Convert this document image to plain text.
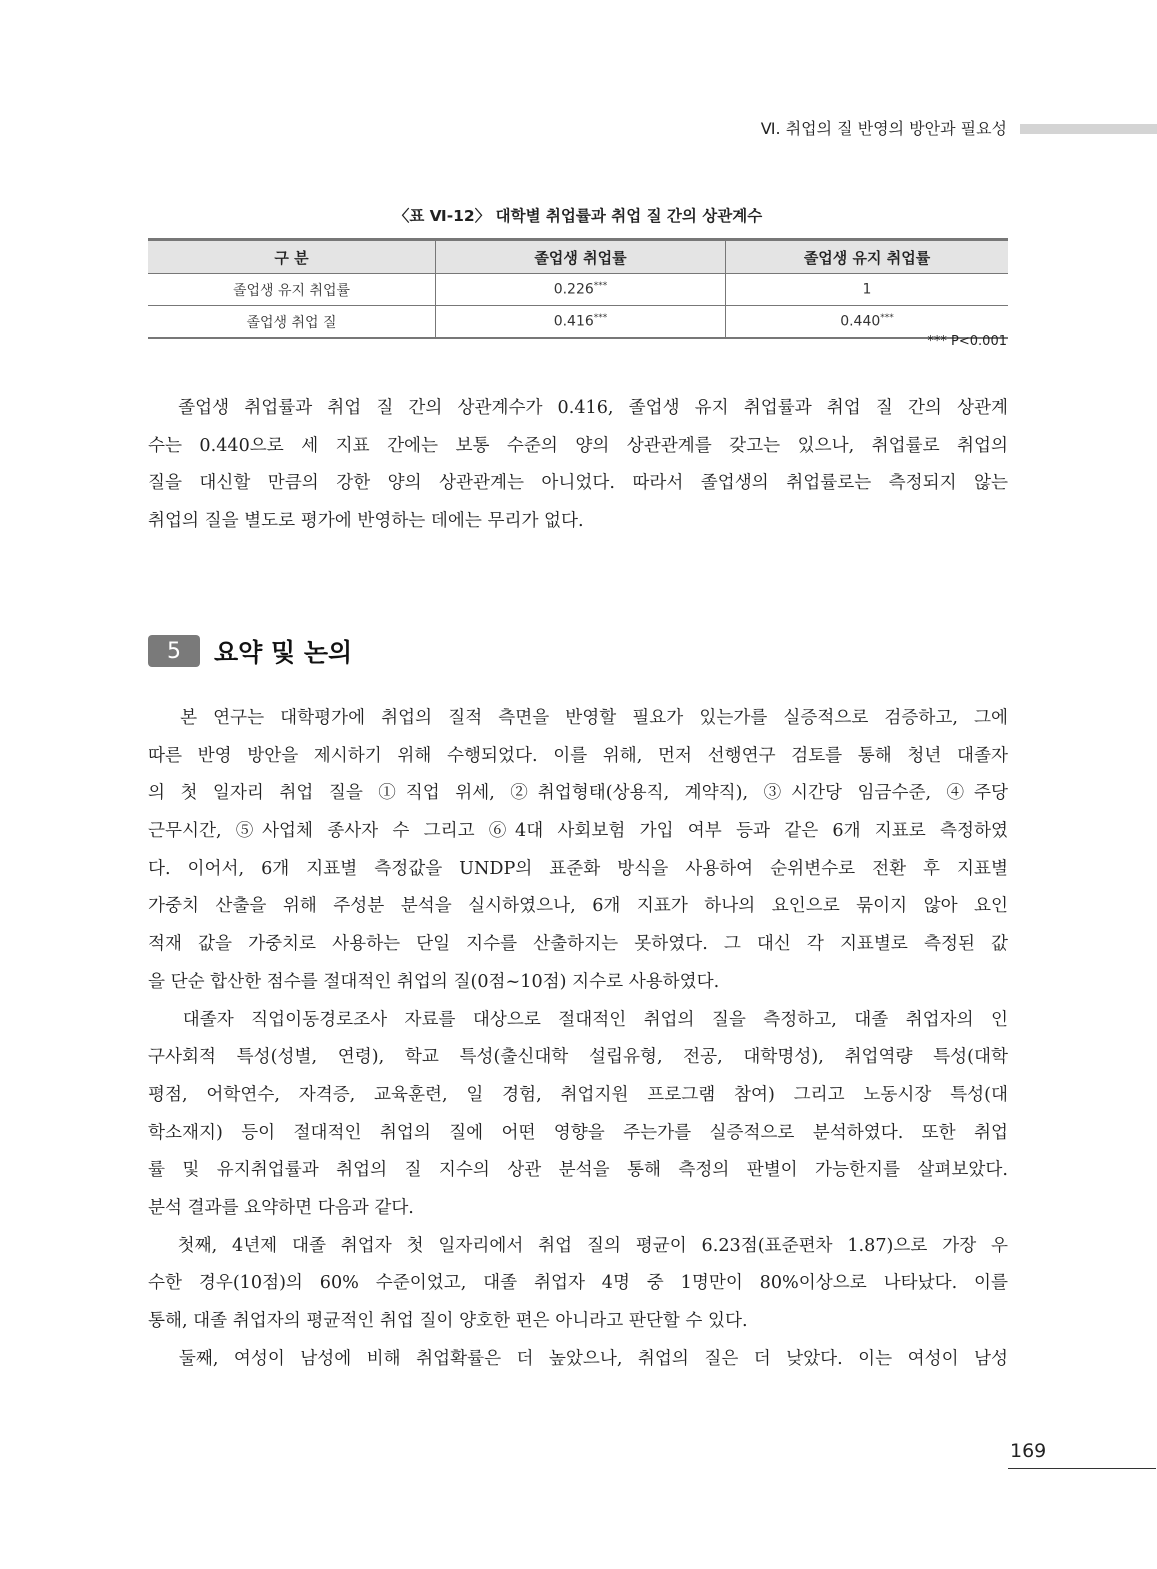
Ⅵ. 취업의 질 반영의 방안과 필요성
〈표 Ⅵ-12〉 대학별 취업률과 취업 질 간의 상관계수
구 분	졸업생 취업률	졸업생 유지 취업률
졸업생 유지 취업률	0.226***	1
졸업생 취업 질	0.416***	0.440***
*** P<0.001
졸업생 취업률과 취업 질 간의 상관계수가 0.416, 졸업생 유지 취업률과 취업 질 간의 상관계
수는 0.440으로 세 지표 간에는 보통 수준의 양의 상관관계를 갖고는 있으나, 취업률로 취업의
질을 대신할 만큼의 강한 양의 상관관계는 아니었다. 따라서 졸업생의 취업률로는 측정되지 않는
취업의 질을 별도로 평가에 반영하는 데에는 무리가 없다.
5	요약 및 논의
본 연구는 대학평가에 취업의 질적 측면을 반영할 필요가 있는가를 실증적으로 검증하고, 그에
따른 반영 방안을 제시하기 위해 수행되었다. 이를 위해, 먼저 선행연구 검토를 통해 청년 대졸자
의 첫 일자리 취업 질을 ①직업 위세, ②취업형태(상용직, 계약직), ③시간당 임금수준, ④주당
근무시간, ⑤사업체 종사자 수 그리고 ⑥4대 사회보험 가입 여부 등과 같은 6개 지표로 측정하였
다. 이어서, 6개 지표별 측정값을 UNDP의 표준화 방식을 사용하여 순위변수로 전환 후 지표별
가중치 산출을 위해 주성분 분석을 실시하였으나, 6개 지표가 하나의 요인으로 묶이지 않아 요인
적재 값을 가중치로 사용하는 단일 지수를 산출하지는 못하였다. 그 대신 각 지표별로 측정된 값
을 단순 합산한 점수를 절대적인 취업의 질(0점~10점) 지수로 사용하였다.
대졸자 직업이동경로조사 자료를 대상으로 절대적인 취업의 질을 측정하고, 대졸 취업자의 인
구사회적 특성(성별, 연령), 학교 특성(출신대학 설립유형, 전공, 대학명성), 취업역량 특성(대학
평점, 어학연수, 자격증, 교육훈련, 일 경험, 취업지원 프로그램 참여) 그리고 노동시장 특성(대
학소재지) 등이 절대적인 취업의 질에 어떤 영향을 주는가를 실증적으로 분석하였다. 또한 취업
률 및 유지취업률과 취업의 질 지수의 상관 분석을 통해 측정의 판별이 가능한지를 살펴보았다.
분석 결과를 요약하면 다음과 같다.
첫째, 4년제 대졸 취업자 첫 일자리에서 취업 질의 평균이 6.23점(표준편차 1.87)으로 가장 우
수한 경우(10점)의 60% 수준이었고, 대졸 취업자 4명 중 1명만이 80%이상으로 나타났다. 이를
통해, 대졸 취업자의 평균적인 취업 질이 양호한 편은 아니라고 판단할 수 있다.
둘째, 여성이 남성에 비해 취업확률은 더 높았으나, 취업의 질은 더 낮았다. 이는 여성이 남성
169
